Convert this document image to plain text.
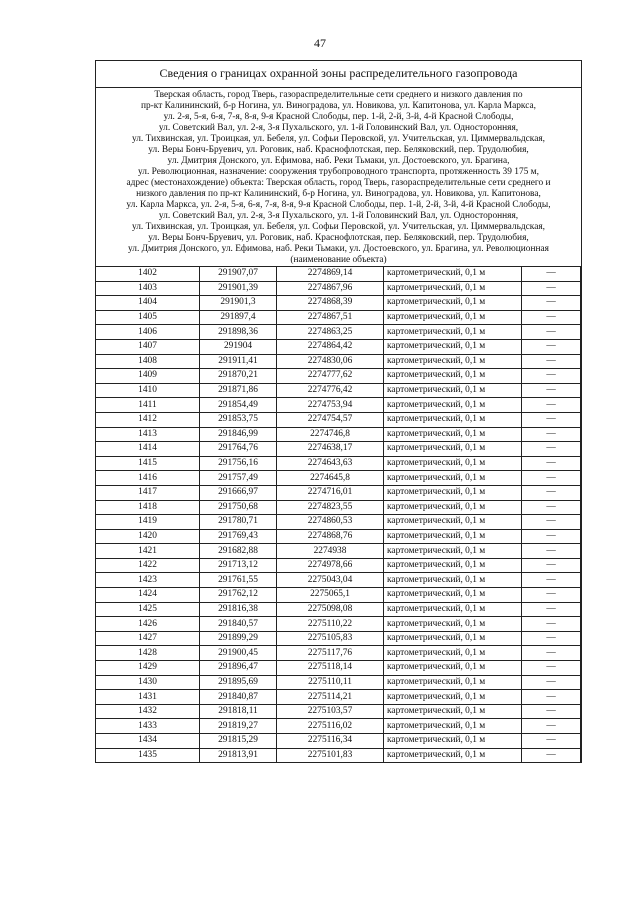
47
Сведения о границах охранной зоны распределительного газопровода
Тверская область, город Тверь, газораспределительные сети среднего и низкого давления по
пр-кт Калининский, б-р Ногина, ул. Виноградова, ул. Новикова, ул. Капитонова, ул. Карла Маркса,
ул. 2-я, 5-я, 6-я, 7-я, 8-я, 9-я Красной Слободы, пер. 1-й, 2-й, 3-й, 4-й Красной Слободы,
ул. Советский Вал, ул. 2-я, 3-я Пухальского, ул. 1-й Головинский Вал, ул. Односторонняя,
ул. Тихвинская, ул. Троицкая, ул. Бебеля, ул. Софьи Перовской, ул. Учительская, ул. Циммервальдская,
ул. Веры Бонч-Бруевич, ул. Роговик, наб. Краснофлотская, пер. Беляковский, пер. Трудолюбия,
ул. Дмитрия Донского, ул. Ефимова, наб. Реки Тьмаки, ул. Достоевского, ул. Брагина,
ул. Революционная, назначение: сооружения трубопроводного транспорта, протяженность 39 175 м,
адрес (местонахождение) объекта: Тверская область, город Тверь, газораспределительные сети среднего и
низкого давления по пр-кт Калининский, б-р Ногина, ул. Виноградова, ул. Новикова, ул. Капитонова,
ул. Карла Маркса, ул. 2-я, 5-я, 6-я, 7-я, 8-я, 9-я Красной Слободы, пер. 1-й, 2-й, 3-й, 4-й Красной Слободы,
ул. Советский Вал, ул. 2-я, 3-я Пухальского, ул. 1-й Головинский Вал, ул. Односторонняя,
ул. Тихвинская, ул. Троицкая, ул. Бебеля, ул. Софьи Перовской, ул. Учительская, ул. Циммервальдская,
ул. Веры Бонч-Бруевич, ул. Роговик, наб. Краснофлотская, пер. Беляковский, пер. Трудолюбия,
ул. Дмитрия Донского, ул. Ефимова, наб. Реки Тьмаки, ул. Достоевского, ул. Брагина, ул. Революционная
(наименование объекта)
1402	291907,07	2274869,14	картометрический, 0,1 м	—
1403	291901,39	2274867,96	картометрический, 0,1 м	—
1404	291901,3	2274868,39	картометрический, 0,1 м	—
1405	291897,4	2274867,51	картометрический, 0,1 м	—
1406	291898,36	2274863,25	картометрический, 0,1 м	—
1407	291904	2274864,42	картометрический, 0,1 м	—
1408	291911,41	2274830,06	картометрический, 0,1 м	—
1409	291870,21	2274777,62	картометрический, 0,1 м	—
1410	291871,86	2274776,42	картометрический, 0,1 м	—
1411	291854,49	2274753,94	картометрический, 0,1 м	—
1412	291853,75	2274754,57	картометрический, 0,1 м	—
1413	291846,99	2274746,8	картометрический, 0,1 м	—
1414	291764,76	2274638,17	картометрический, 0,1 м	—
1415	291756,16	2274643,63	картометрический, 0,1 м	—
1416	291757,49	2274645,8	картометрический, 0,1 м	—
1417	291666,97	2274716,01	картометрический, 0,1 м	—
1418	291750,68	2274823,55	картометрический, 0,1 м	—
1419	291780,71	2274860,53	картометрический, 0,1 м	—
1420	291769,43	2274868,76	картометрический, 0,1 м	—
1421	291682,88	2274938	картометрический, 0,1 м	—
1422	291713,12	2274978,66	картометрический, 0,1 м	—
1423	291761,55	2275043,04	картометрический, 0,1 м	—
1424	291762,12	2275065,1	картометрический, 0,1 м	—
1425	291816,38	2275098,08	картометрический, 0,1 м	—
1426	291840,57	2275110,22	картометрический, 0,1 м	—
1427	291899,29	2275105,83	картометрический, 0,1 м	—
1428	291900,45	2275117,76	картометрический, 0,1 м	—
1429	291896,47	2275118,14	картометрический, 0,1 м	—
1430	291895,69	2275110,11	картометрический, 0,1 м	—
1431	291840,87	2275114,21	картометрический, 0,1 м	—
1432	291818,11	2275103,57	картометрический, 0,1 м	—
1433	291819,27	2275116,02	картометрический, 0,1 м	—
1434	291815,29	2275116,34	картометрический, 0,1 м	—
1435	291813,91	2275101,83	картометрический, 0,1 м	—
